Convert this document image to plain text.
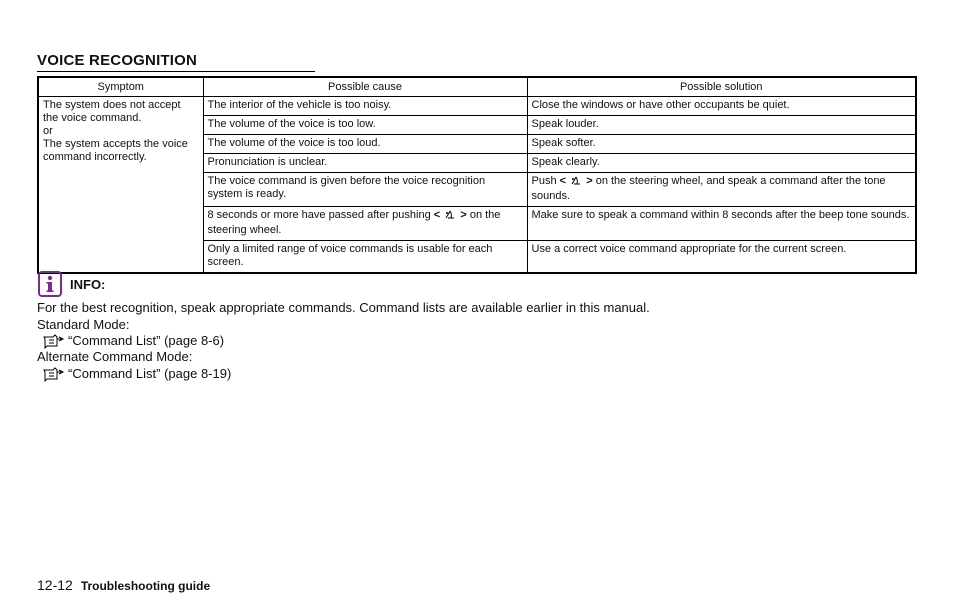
VOICE RECOGNITION
Symptom	Possible cause	Possible solution

The system does not accept
the voice command.
or
The system accepts the voice
command incorrectly.	The interior of the vehicle is too noisy.	Close the windows or have other occupants be quiet.
	The volume of the voice is too low.	Speak louder.
	The volume of the voice is too loud.	Speak softer.
	Pronunciation is unclear.	Speak clearly.
	The voice command is given before the voice recognition system is ready.	Push < > on the steering wheel, and speak a command after the tone sounds.
	8 seconds or more have passed after pushing < > on the steering wheel.	Make sure to speak a command within 8 seconds after the beep tone sounds.
	Only a limited range of voice commands is usable for each screen.	Use a correct voice command appropriate for the current screen.
INFO:
For the best recognition, speak appropriate commands. Command lists are available earlier in this manual.
Standard Mode:
“Command List” (page 8-6)
Alternate Command Mode:
“Command List” (page 8-19)
12-12 Troubleshooting guide
